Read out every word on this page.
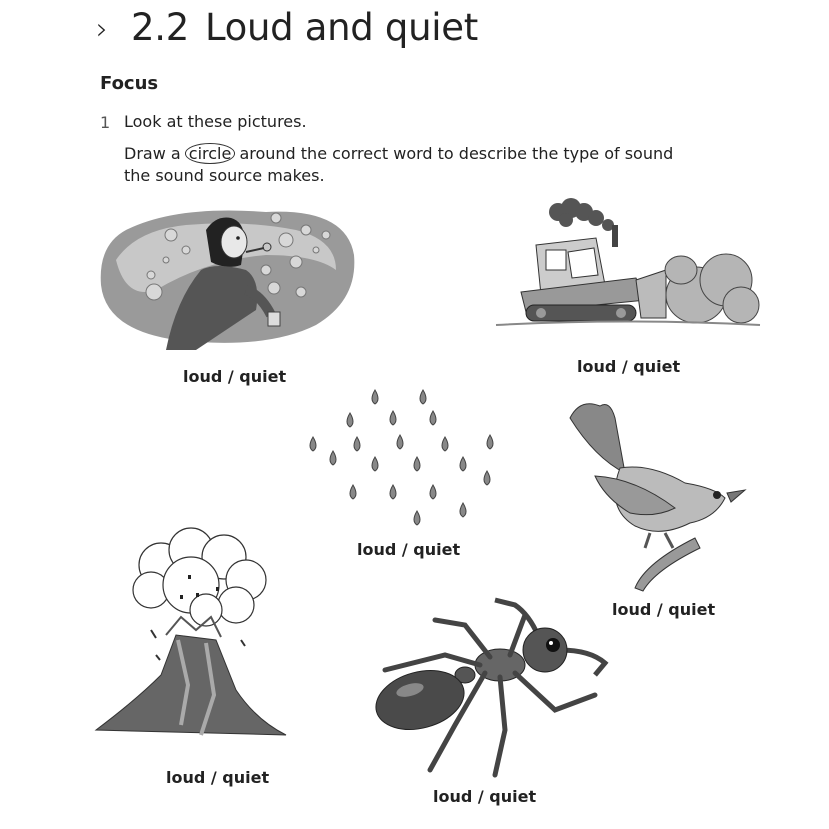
› 2.2 Loud and quiet
Focus
1 Look at these pictures.
Draw a circle around the correct word to describe the type of sound the sound source makes.
loud / quiet
loud / quiet
loud / quiet
loud / quiet
loud / quiet
loud / quiet
